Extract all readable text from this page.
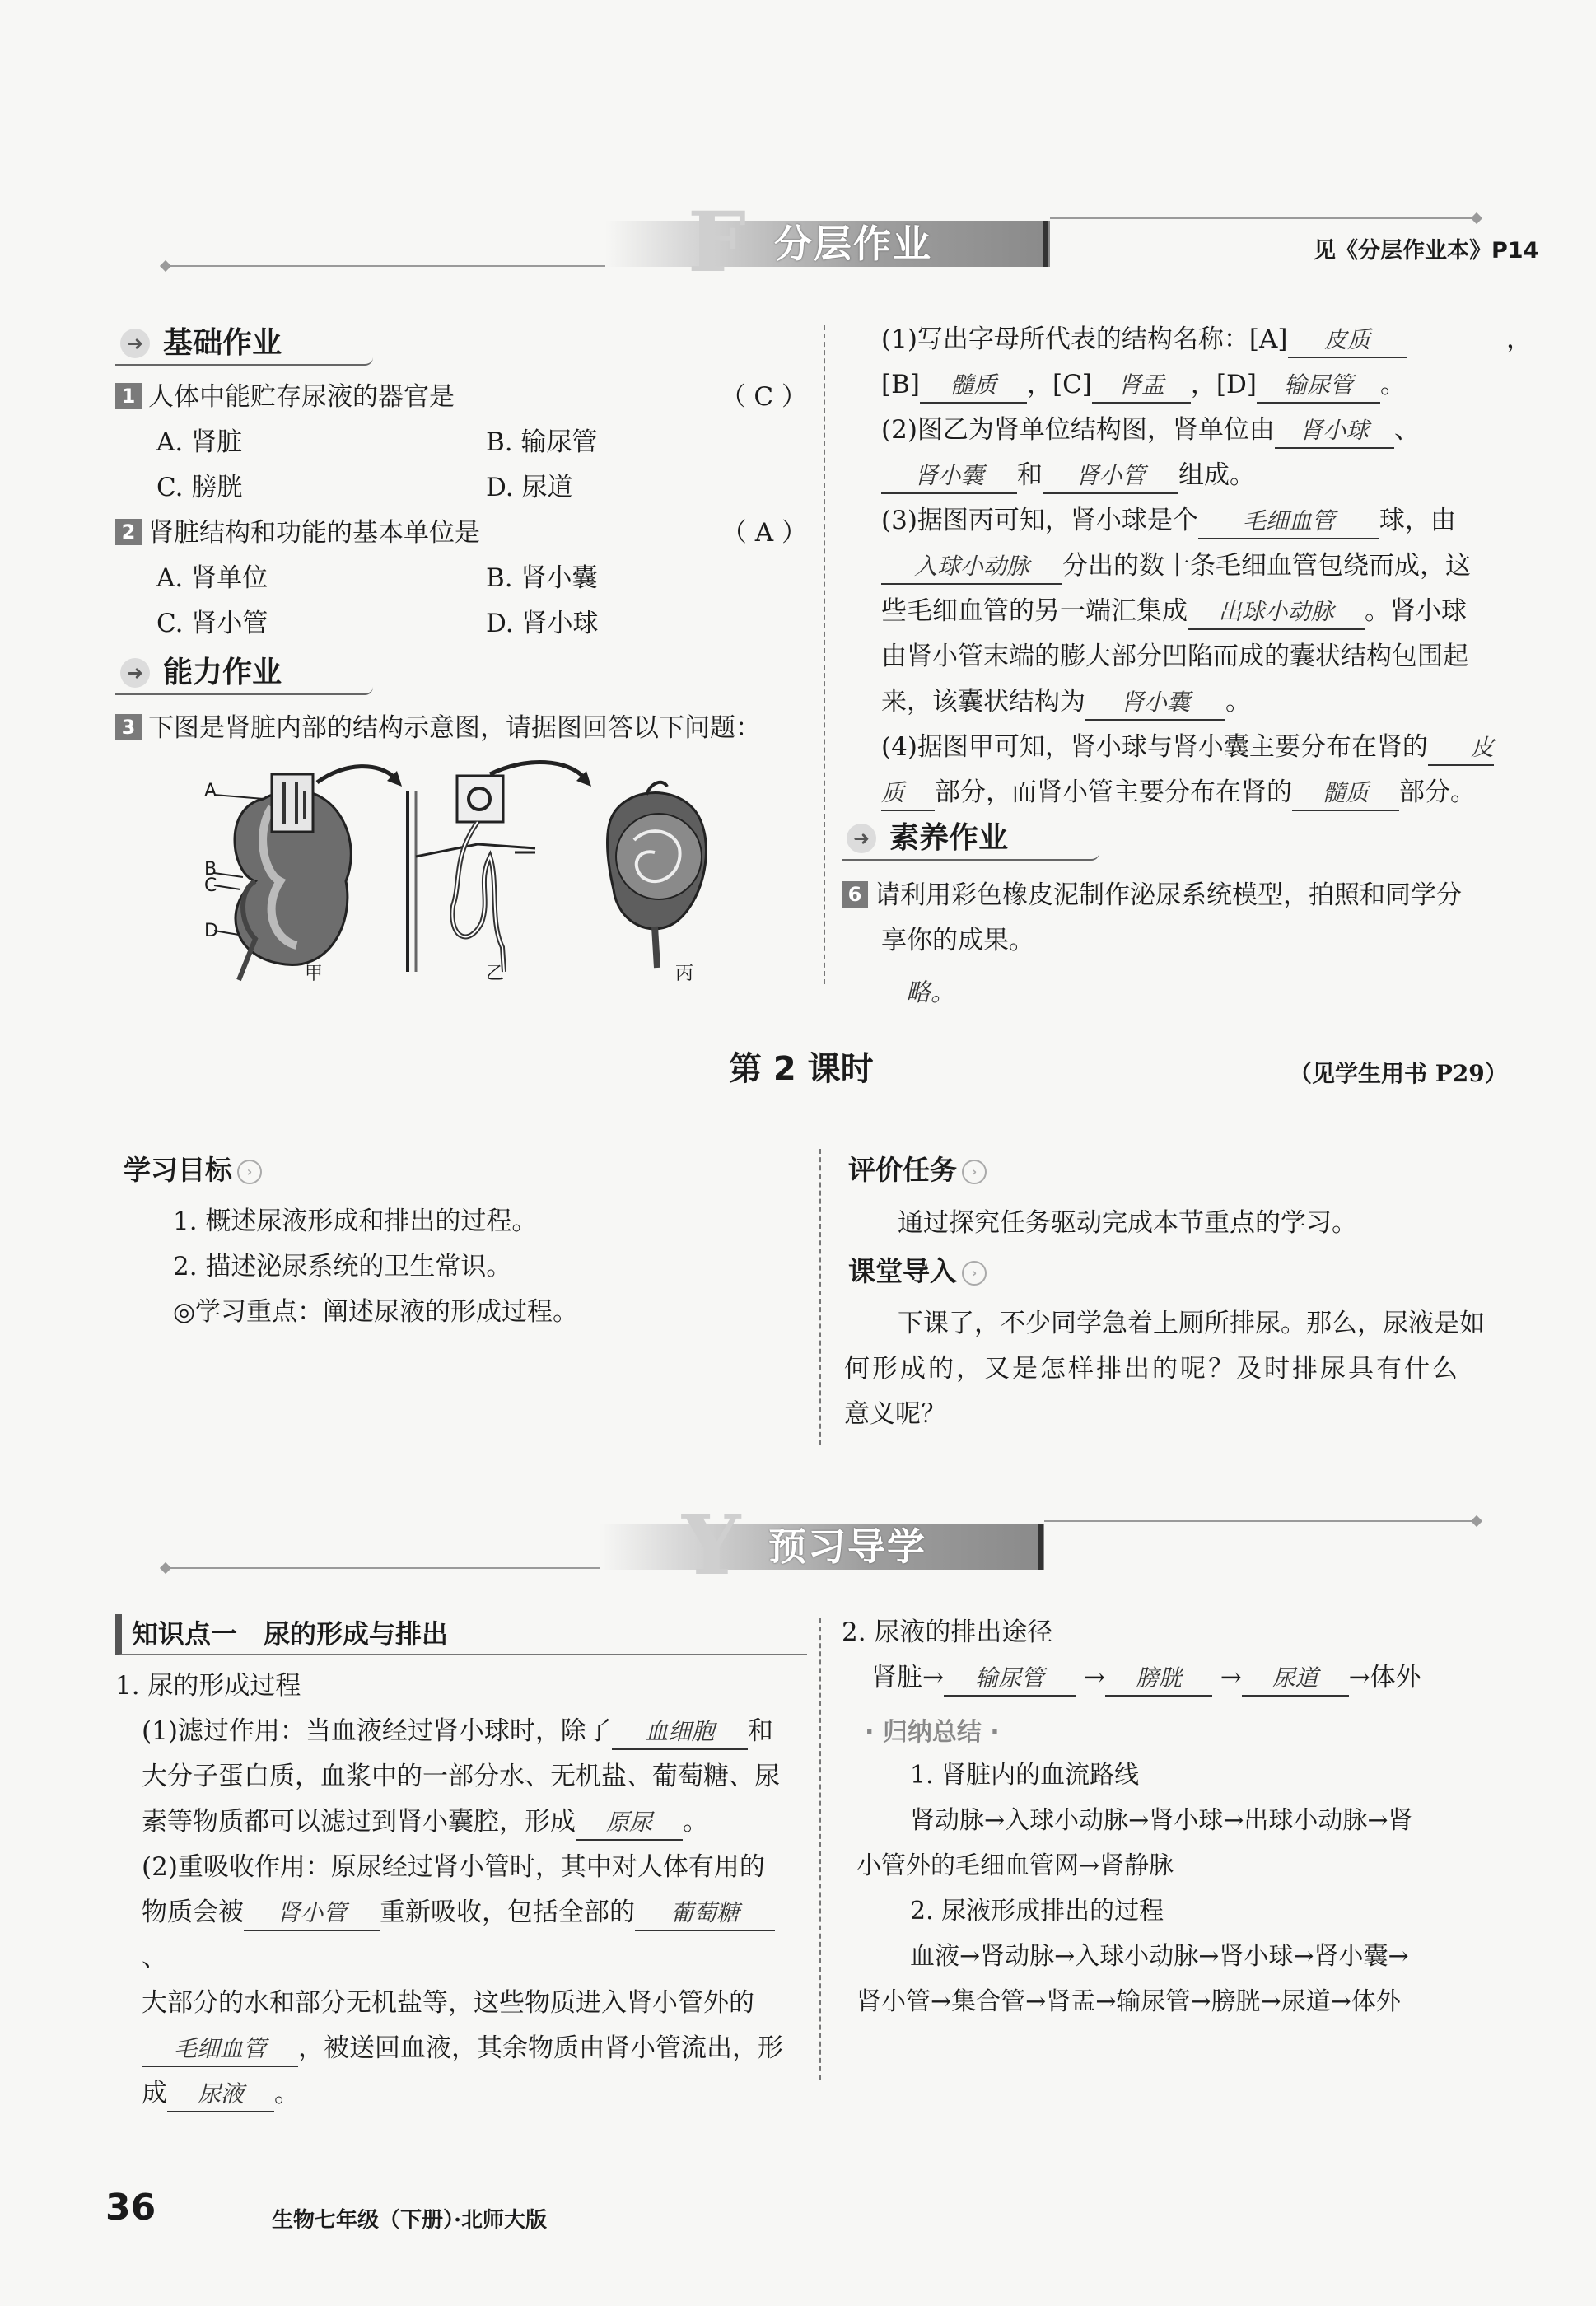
F 分层作业	见《分层作业本》P14
➜ 基础作业
1 人体中能贮存尿液的器官是	（ C ）
A. 肾脏	B. 输尿管
C. 膀胱	D. 尿道
2 肾脏结构和功能的基本单位是	（ A ）
A. 肾单位	B. 肾小囊
C. 肾小管	D. 肾小球
➜ 能力作业
3 下图是肾脏内部的结构示意图，请据图回答以下问题：
A
B
C
D
甲	乙	丙
(1)写出字母所代表的结构名称：[A] 皮质	，
[B] 髓质 ，[C] 肾盂 ，[D] 输尿管 。
(2)图乙为肾单位结构图，肾单位由 肾小球 、
肾小囊 和 肾小管 组成。
(3)据图丙可知，肾小球是个 毛细血管 球，由
入球小动脉 分出的数十条毛细血管包绕而成，这
些毛细血管的另一端汇集成 出球小动脉 。肾小球
由肾小管末端的膨大部分凹陷而成的囊状结构包围起
来，该囊状结构为 肾小囊 。
(4)据图甲可知，肾小球与肾小囊主要分布在肾的 皮
质 部分，而肾小管主要分布在肾的 髓质 部分。
➜ 素养作业
6 请利用彩色橡皮泥制作泌尿系统模型，拍照和同学分
享你的成果。
略。
第 2 课时	（见学生用书 P29）
学习目标 ›
1. 概述尿液形成和排出的过程。
2. 描述泌尿系统的卫生常识。
◎学习重点：阐述尿液的形成过程。
评价任务 ›
通过探究任务驱动完成本节重点的学习。
课堂导入 ›
下课了，不少同学急着上厕所排尿。那么，尿液是如
何形成的，又是怎样排出的呢？及时排尿具有什么
意义呢？
Y 预习导学
知识点一　尿的形成与排出
1. 尿的形成过程
(1)滤过作用：当血液经过肾小球时，除了 血细胞 和
大分子蛋白质，血浆中的一部分水、无机盐、葡萄糖、尿
素等物质都可以滤过到肾小囊腔，形成 原尿 。
(2)重吸收作用：原尿经过肾小管时，其中对人体有用的
物质会被 肾小管 重新吸收，包括全部的 葡萄糖、
大部分的水和部分无机盐等，这些物质进入肾小管外的
毛细血管 ，被送回血液，其余物质由肾小管流出，形
成 尿液 。
2. 尿液的排出途径
肾脏→ 输尿管 → 膀胱 → 尿道 →体外
· 归纳总结 ·
1. 肾脏内的血流路线
肾动脉→入球小动脉→肾小球→出球小动脉→肾
小管外的毛细血管网→肾静脉
2. 尿液形成排出的过程
血液→肾动脉→入球小动脉→肾小球→肾小囊→
肾小管→集合管→肾盂→输尿管→膀胱→尿道→体外
36	生物七年级（下册）·北师大版
